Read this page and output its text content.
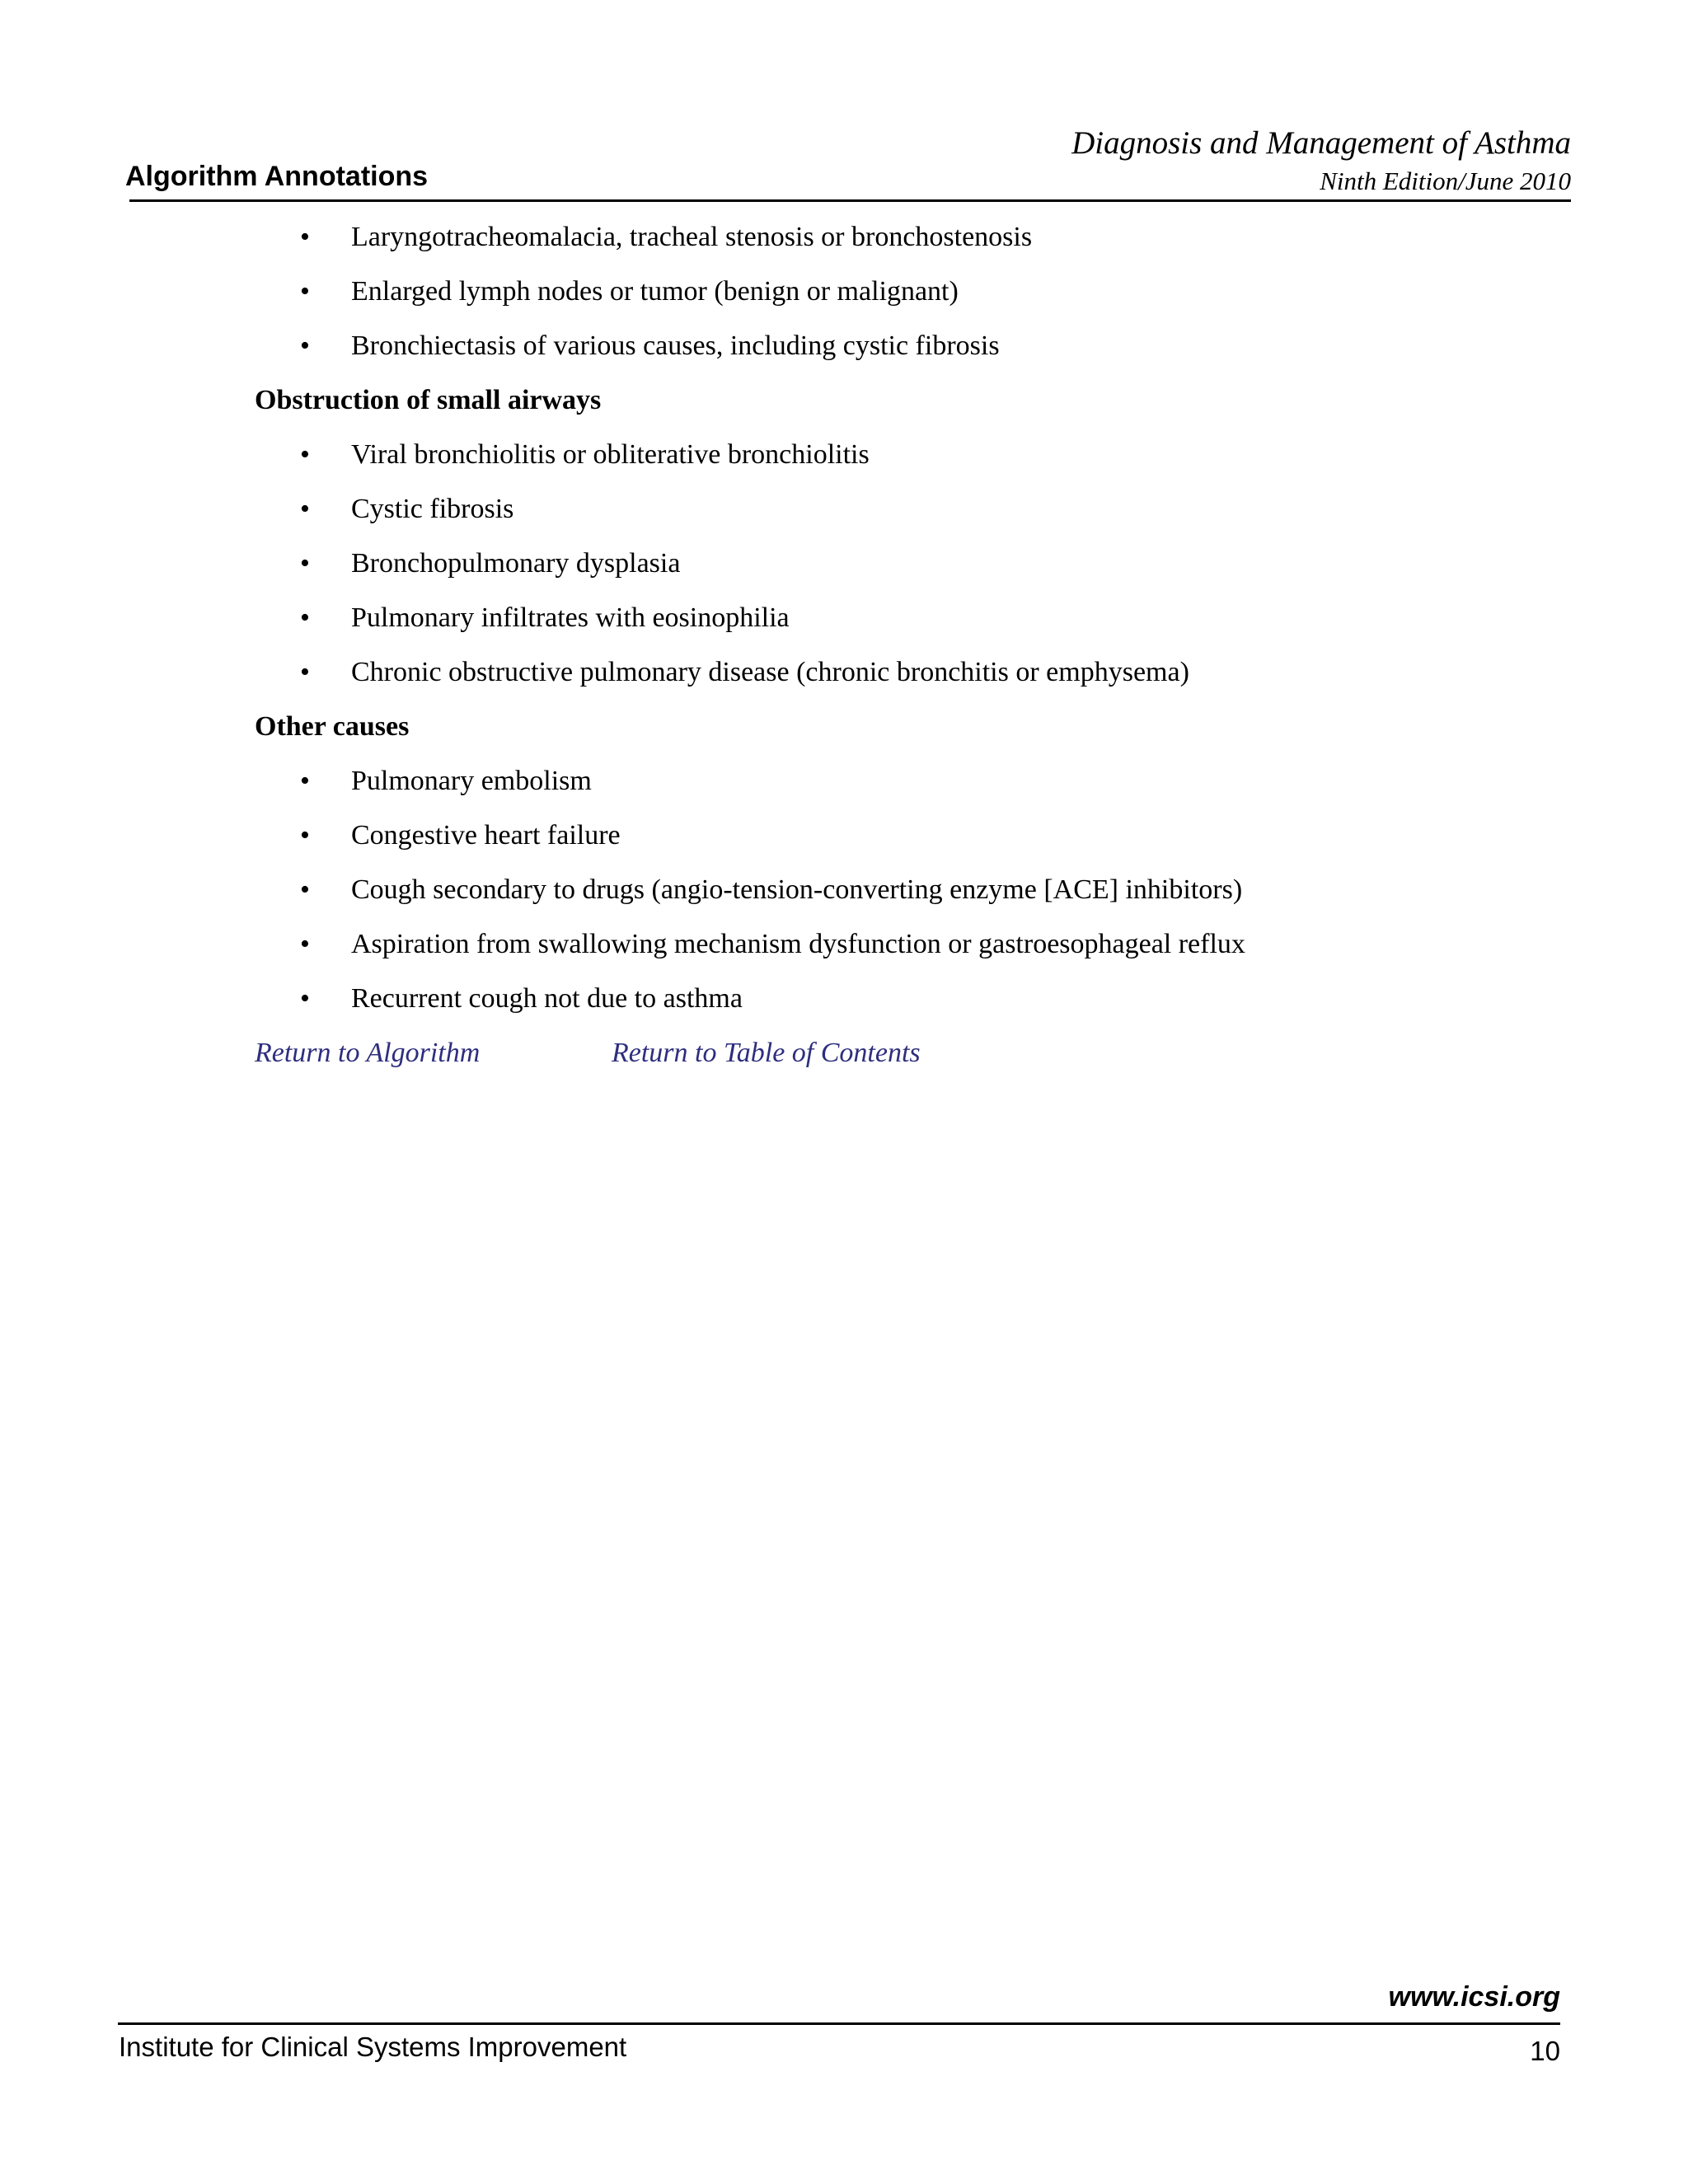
Algorithm Annotations
Diagnosis and Management of Asthma
Ninth Edition/June 2010
• Laryngotracheomalacia, tracheal stenosis or bronchostenosis
• Enlarged lymph nodes or tumor (benign or malignant)
• Bronchiectasis of various causes, including cystic fibrosis
Obstruction of small airways
• Viral bronchiolitis or obliterative bronchiolitis
• Cystic fibrosis
• Bronchopulmonary dysplasia
• Pulmonary infiltrates with eosinophilia
• Chronic obstructive pulmonary disease (chronic bronchitis or emphysema)
Other causes
• Pulmonary embolism
• Congestive heart failure
• Cough secondary to drugs (angio-tension-converting enzyme [ACE] inhibitors)
• Aspiration from swallowing mechanism dysfunction or gastroesophageal reflux
• Recurrent cough not due to asthma
Return to Algorithm	Return to Table of Contents
www.icsi.org
Institute for Clinical Systems Improvement	10
